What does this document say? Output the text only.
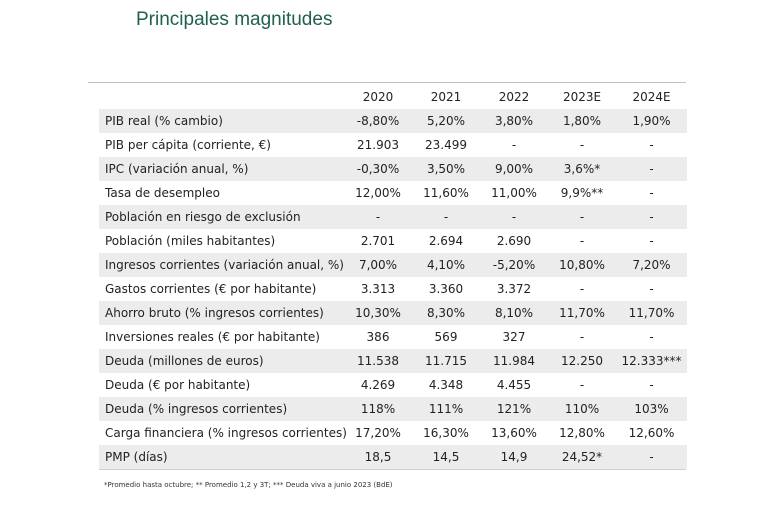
Principales magnitudes
	2020	2021	2022	2023E	2024E
PIB real (% cambio)	-8,80%	5,20%	3,80%	1,80%	1,90%
PIB per cápita (corriente, €)	21.903	23.499	-	-	-
IPC (variación anual, %)	-0,30%	3,50%	9,00%	3,6%*	-
Tasa de desempleo	12,00%	11,60%	11,00%	9,9%**	-
Población en riesgo de exclusión	-	-	-	-	-
Población (miles habitantes)	2.701	2.694	2.690	-	-
Ingresos corrientes (variación anual, %)	7,00%	4,10%	-5,20%	10,80%	7,20%
Gastos corrientes (€ por habitante)	3.313	3.360	3.372	-	-
Ahorro bruto (% ingresos corrientes)	10,30%	8,30%	8,10%	11,70%	11,70%
Inversiones reales (€ por habitante)	386	569	327	-	-
Deuda (millones de euros)	11.538	11.715	11.984	12.250	12.333***
Deuda (€ por habitante)	4.269	4.348	4.455	-	-
Deuda (% ingresos corrientes)	118%	111%	121%	110%	103%
Carga financiera (% ingresos corrientes)	17,20%	16,30%	13,60%	12,80%	12,60%
PMP (días)	18,5	14,5	14,9	24,52*	-
*Promedio hasta octubre; ** Promedio 1,2 y 3T; *** Deuda viva a junio 2023 (BdE)
